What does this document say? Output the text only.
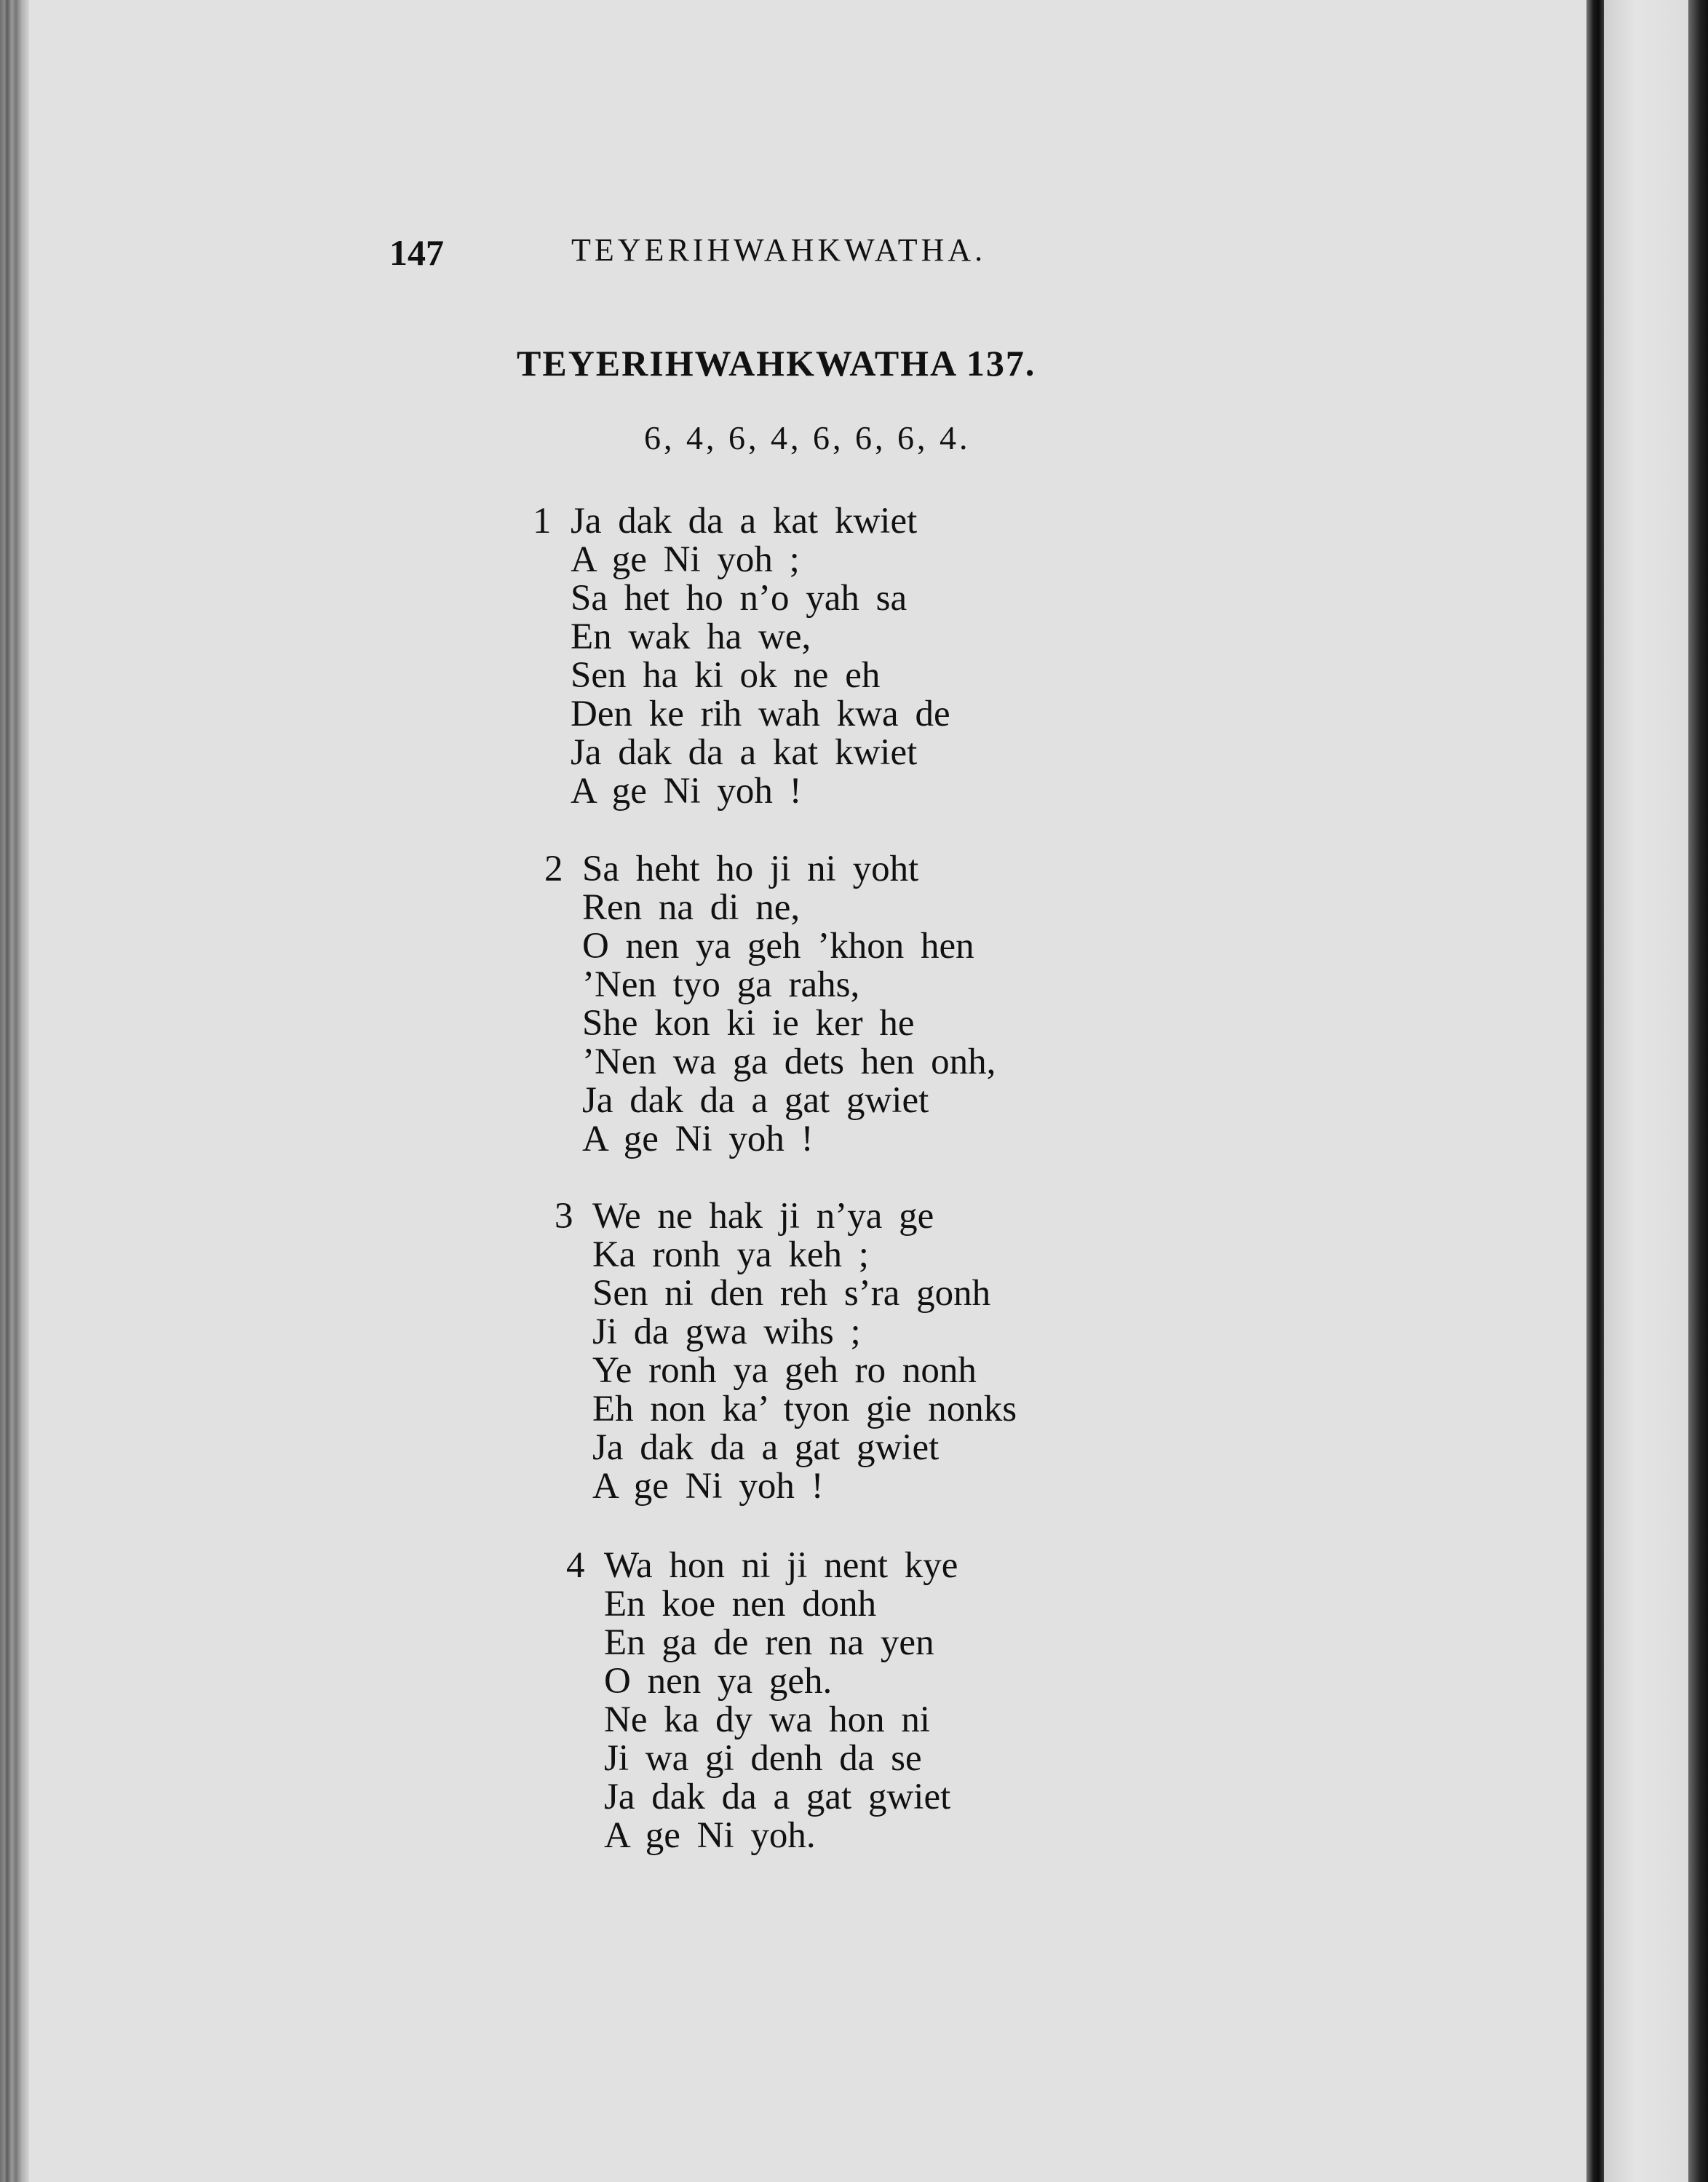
147	TEYERIHWAHKWATHA.
TEYERIHWAHKWATHA 137.
6, 4, 6, 4, 6, 6, 6, 4.
1 Ja dak da a kat kwiet
A ge Ni yoh ;
Sa het ho n’o yah sa
En wak ha we,
Sen ha ki ok ne eh
Den ke rih wah kwa de
Ja dak da a kat kwiet
A ge Ni yoh !
2 Sa heht ho ji ni yoht
Ren na di ne,
O nen ya geh ’khon hen
’Nen tyo ga rahs,
She kon ki ie ker he
’Nen wa ga dets hen onh,
Ja dak da a gat gwiet
A ge Ni yoh !
3 We ne hak ji n’ya ge
Ka ronh ya keh ;
Sen ni den reh s’ra gonh
Ji da gwa wihs ;
Ye ronh ya geh ro nonh
Eh non ka’ tyon gie nonks
Ja dak da a gat gwiet
A ge Ni yoh !
4 Wa hon ni ji nent kye
En koe nen donh
En ga de ren na yen
O nen ya geh.
Ne ka dy wa hon ni
Ji wa gi denh da se
Ja dak da a gat gwiet
A ge Ni yoh.
